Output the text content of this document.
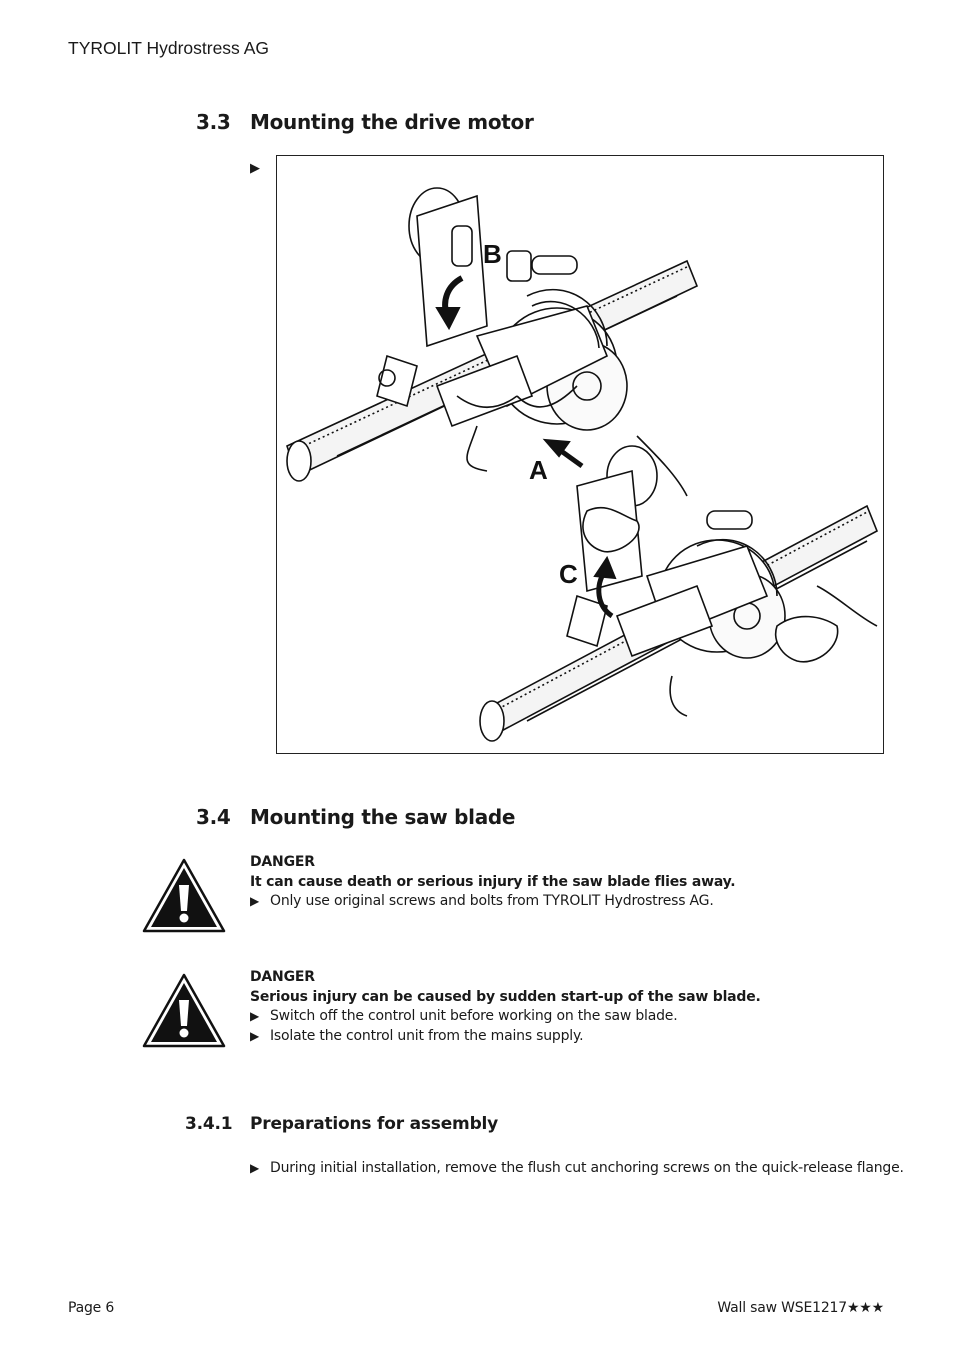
TYROLIT Hydrostress AG
3.3 Mounting the drive motor
▶
B
A
C
3.4 Mounting the saw blade
DANGER
It can cause death or serious injury if the saw blade flies away.
▶ Only use original screws and bolts from TYROLIT Hydrostress AG.
DANGER
Serious injury can be caused by sudden start-up of the saw blade.
▶ Switch off the control unit before working on the saw blade.
▶ Isolate the control unit from the mains supply.
3.4.1 Preparations for assembly
▶ During initial installation, remove the flush cut anchoring screws on the quick-release flange.
Page 6	Wall saw WSE1217★★★
